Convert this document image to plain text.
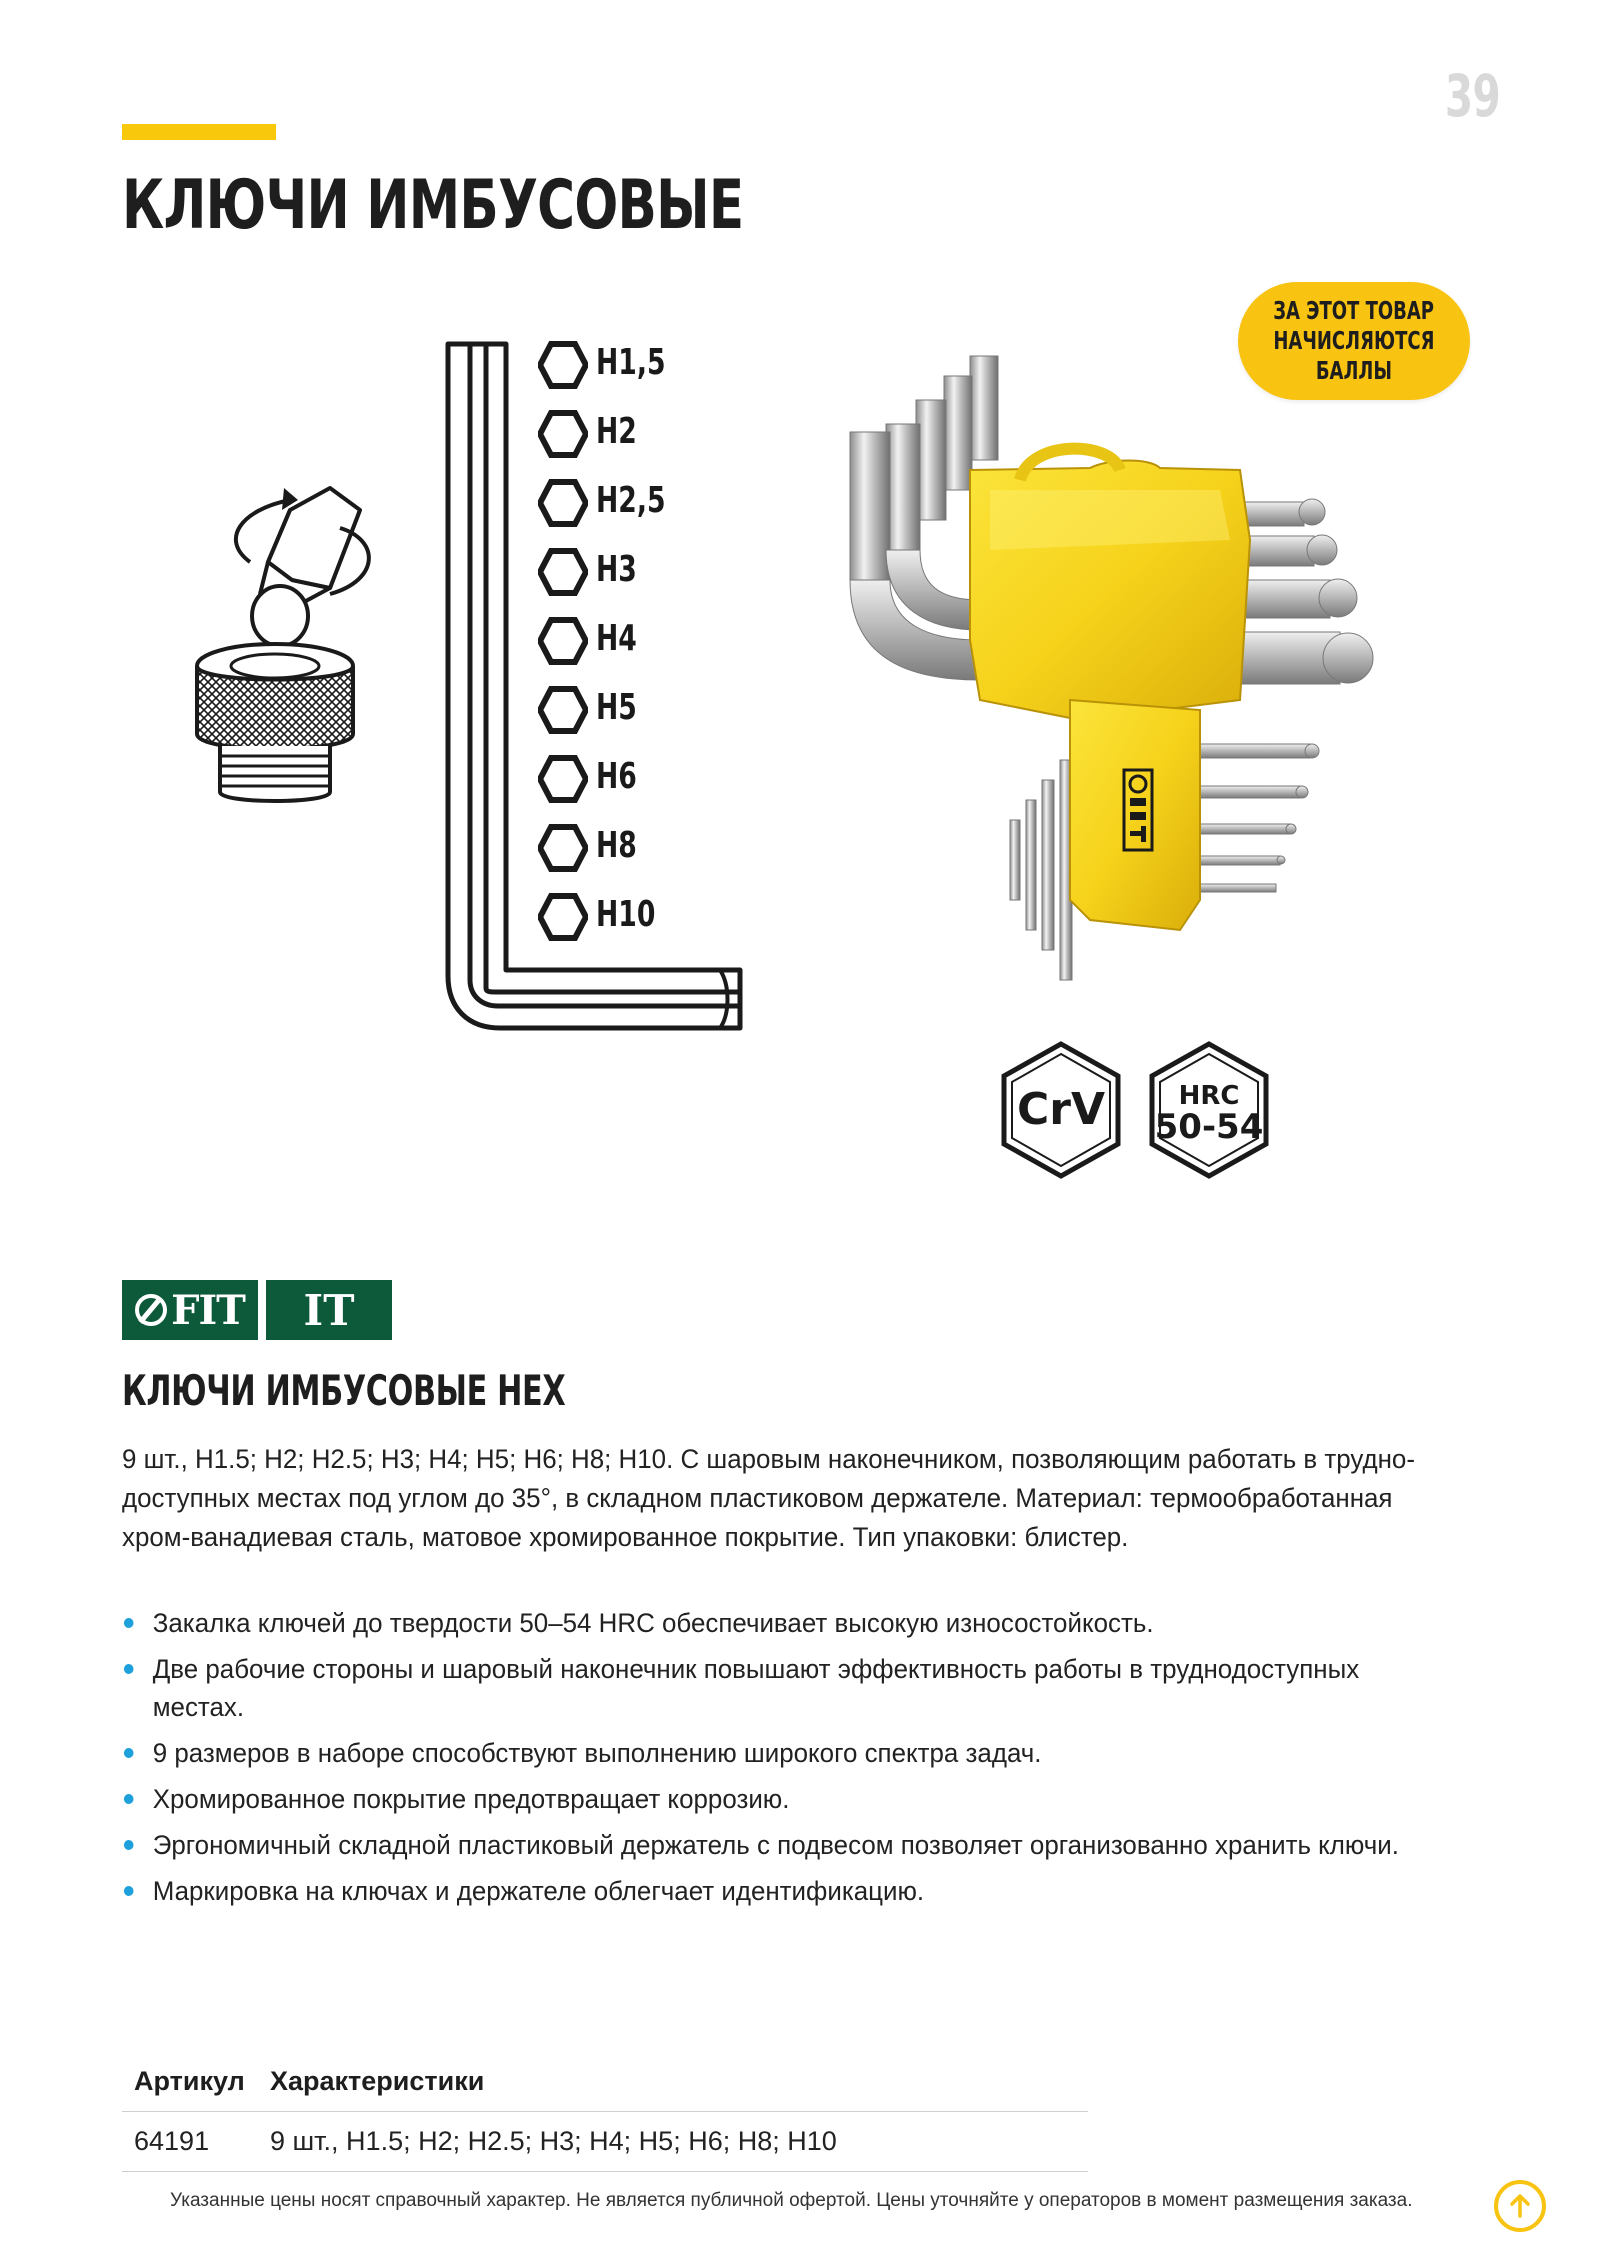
39
КЛЮЧИ ИМБУСОВЫЕ
ЗА ЭТОТ ТОВАР
НАЧИСЛЯЮТСЯ
БАЛЛЫ
H1,5
H2
H2,5
H3
H4
H5
H6
H8
H10
CrV	HRC
50-54
FIT IT
КЛЮЧИ ИМБУСОВЫЕ HEX
9 шт., H1.5; H2; H2.5; H3; H4; H5; H6; H8; H10. С шаровым наконечником, позволяющим работать в трудно-доступных местах под углом до 35°, в складном пластиковом держателе. Материал: термообработанная хром-ванадиевая сталь, матовое хромированное покрытие. Тип упаковки: блистер.
Закалка ключей до твердости 50–54 HRC обеспечивает высокую износостойкость.
Две рабочие стороны и шаровый наконечник повышают эффективность работы в труднодоступных местах.
9 размеров в наборе способствуют выполнению широкого спектра задач.
Хромированное покрытие предотвращает коррозию.
Эргономичный складной пластиковый держатель с подвесом позволяет организованно хранить ключи.
Маркировка на ключах и держателе облегчает идентификацию.
Артикул	Характеристики
64191	9 шт., H1.5; H2; H2.5; H3; H4; H5; H6; H8; H10
Указанные цены носят справочный характер. Не является публичной офертой. Цены уточняйте у операторов в момент размещения заказа.
